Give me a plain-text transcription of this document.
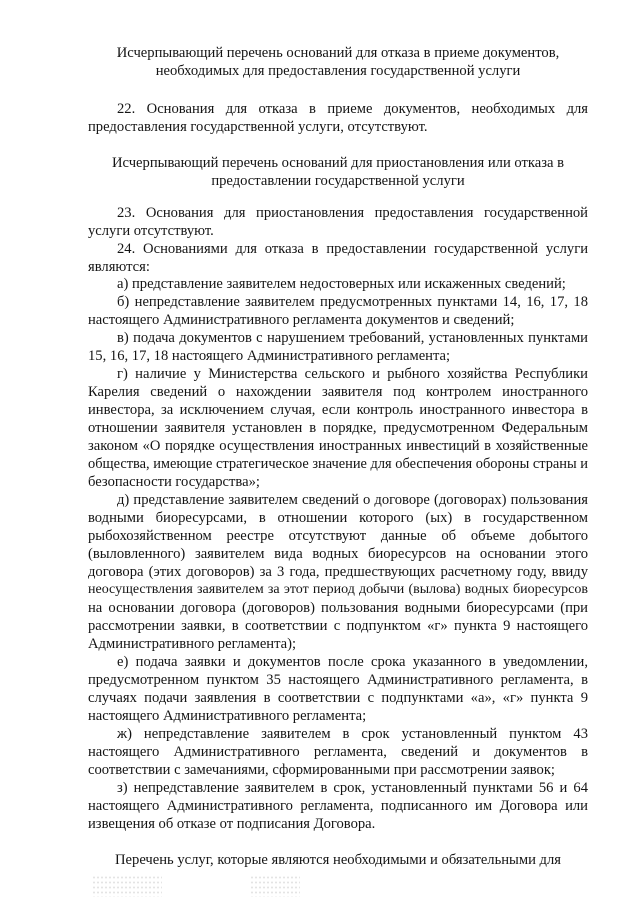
Исчерпывающий перечень оснований для отказа в приеме документов,

необходимых для предоставления государственной услуги

22. Основания для отказа в приеме документов, необходимых для

предоставления государственной услуги, отсутствуют.

Исчерпывающий перечень оснований для приостановления или отказа в

предоставлении государственной услуги

23. Основания для приостановления предоставления государственной

услуги отсутствуют.

24. Основаниями для отказа в предоставлении государственной услуги

являются:

а) представление заявителем недостоверных или искаженных сведений;

б) непредставление заявителем предусмотренных пунктами 14, 16, 17, 18

настоящего Административного регламента документов и сведений;

в) подача документов с нарушением требований, установленных пунктами

15, 16, 17, 18 настоящего Административного регламента;

г) наличие у Министерства сельского и рыбного хозяйства Республики

Карелия сведений о нахождении заявителя под контролем иностранного

инвестора, за исключением случая, если контроль иностранного инвестора в

отношении заявителя установлен в порядке, предусмотренном Федеральным

законом «О порядке осуществления иностранных инвестиций в хозяйственные

общества, имеющие стратегическое значение для обеспечения обороны страны и

безопасности государства»;

д) представление заявителем сведений о договоре (договорах) пользования

водными биоресурсами, в отношении которого (ых) в государственном

рыбохозяйственном реестре отсутствуют данные об объеме добытого

(выловленного) заявителем вида водных биоресурсов на основании этого

договора (этих договоров) за 3 года, предшествующих расчетному году, ввиду

неосуществления заявителем за этот период добычи (вылова) водных биоресурсов

на основании договора (договоров) пользования водными биоресурсами (при

рассмотрении заявки, в соответствии с подпунктом «г» пункта 9 настоящего

Административного регламента);

е) подача заявки и документов после срока указанного в уведомлении,

предусмотренном пунктом 35 настоящего Административного регламента, в

случаях подачи заявления в соответствии с подпунктами «а», «г» пункта 9

настоящего Административного регламента;

ж) непредставление заявителем в срок установленный пунктом 43

настоящего Административного регламента, сведений и документов в

соответствии с замечаниями, сформированными при рассмотрении заявок;

з) непредставление заявителем в срок, установленный пунктами 56 и 64

настоящего Административного регламента, подписанного им Договора или

извещения об отказе от подписания Договора.

Перечень услуг, которые являются необходимыми и обязательными для
